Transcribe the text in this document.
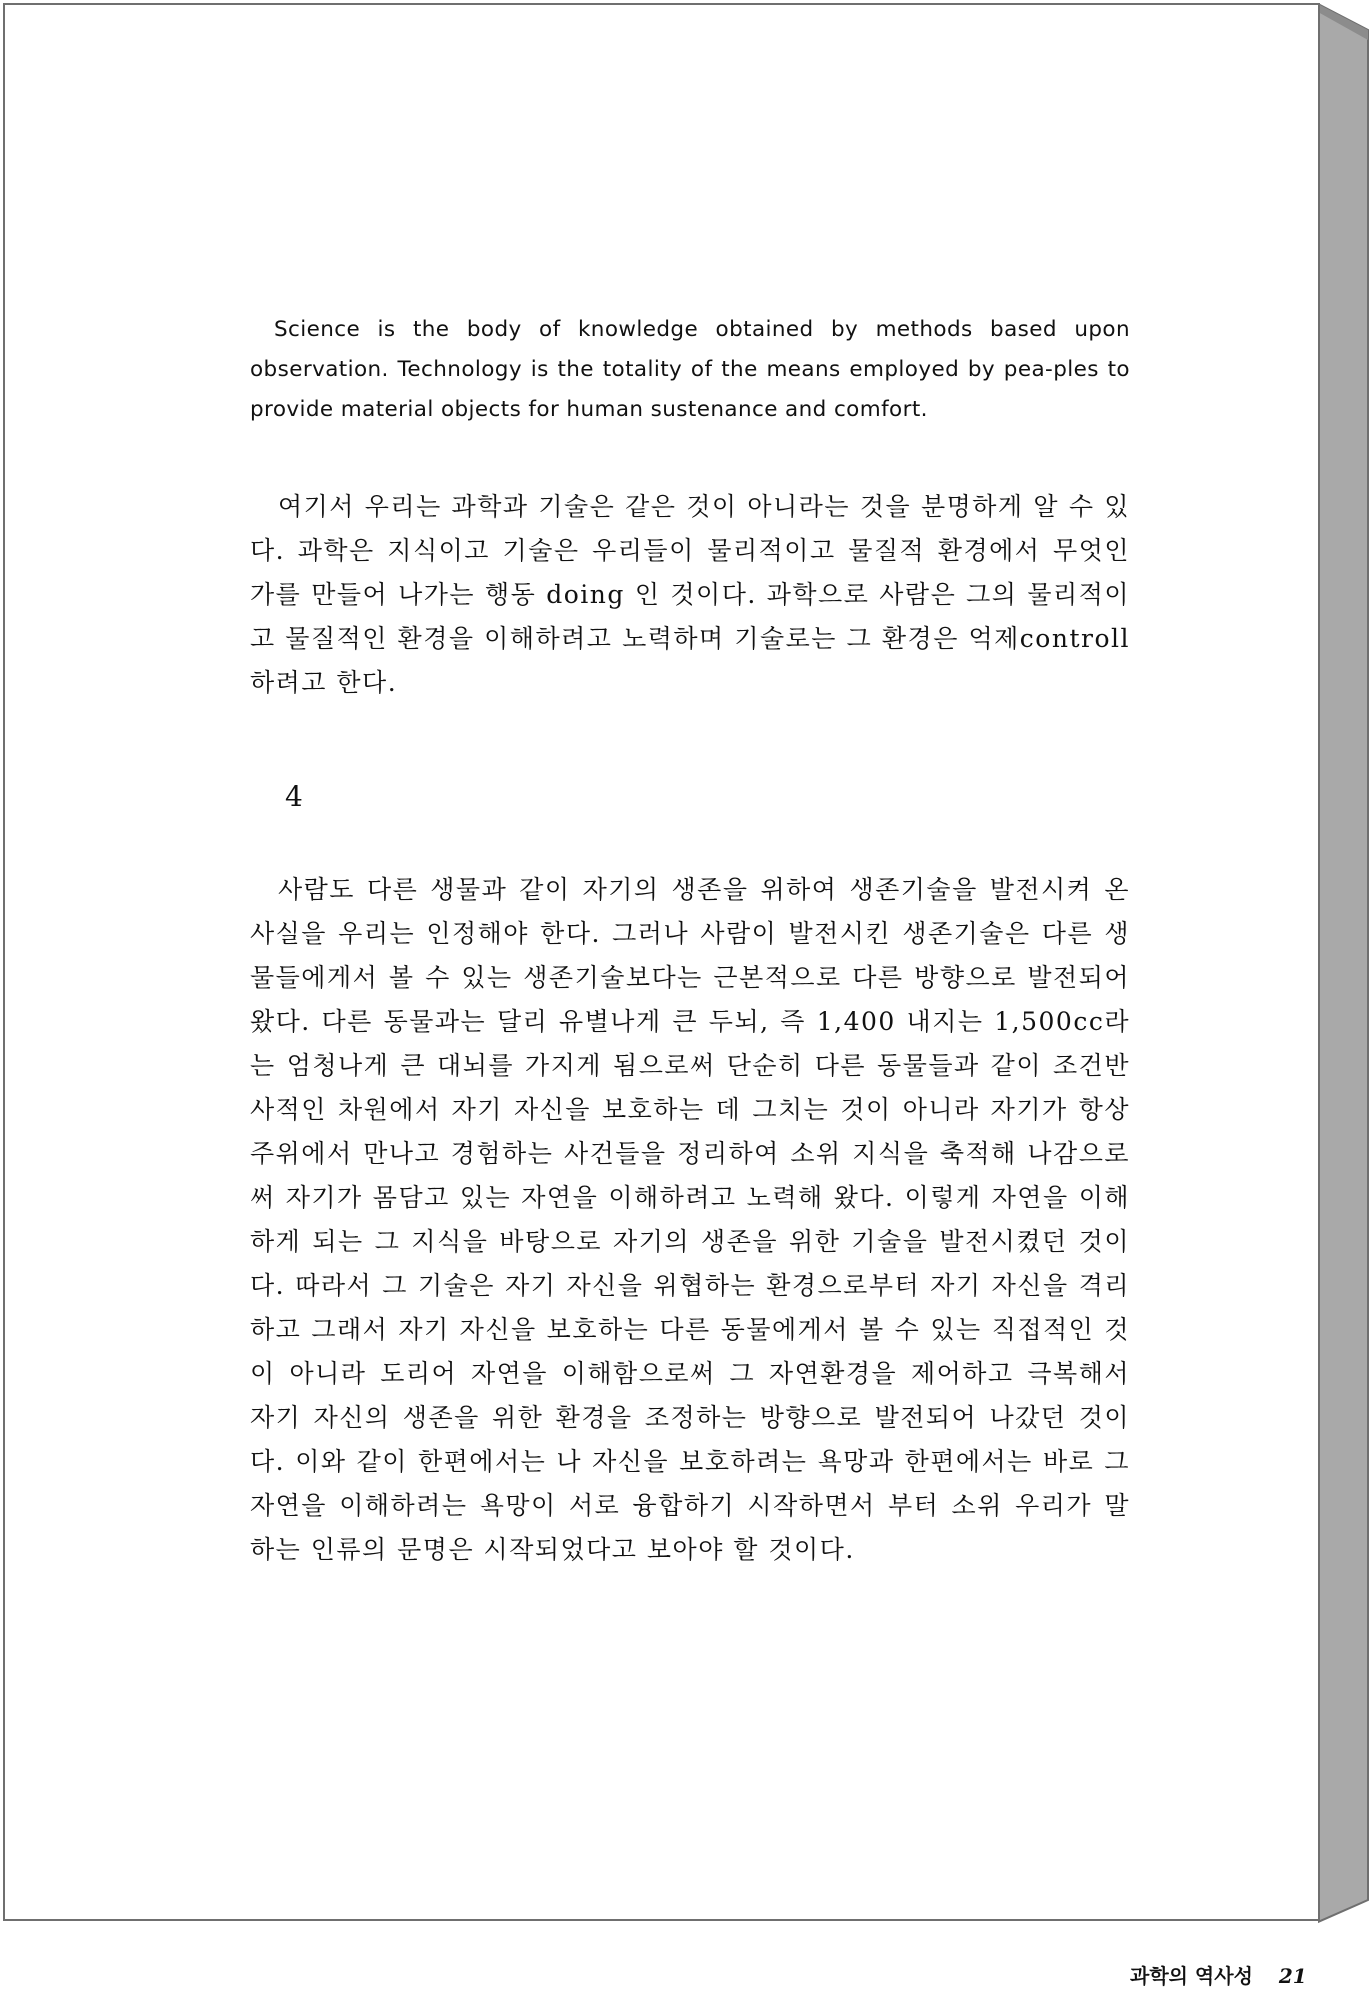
Science is the body of knowledge obtained by methods based upon observation. Technology is the totality of the means employed by pea-ples to provide material objects for human sustenance and comfort.

여기서 우리는 과학과 기술은 같은 것이 아니라는 것을 분명하게 알 수 있다. 과학은 지식이고 기술은 우리들이 물리적이고 물질적 환경에서 무엇인가를 만들어 나가는 행동 doing 인 것이다. 과학으로 사람은 그의 물리적이고 물질적인 환경을 이해하려고 노력하며 기술로는 그 환경은 억제controll하려고 한다.

4

사람도 다른 생물과 같이 자기의 생존을 위하여 생존기술을 발전시켜 온 사실을 우리는 인정해야 한다. 그러나 사람이 발전시킨 생존기술은 다른 생물들에게서 볼 수 있는 생존기술보다는 근본적으로 다른 방향으로 발전되어 왔다. 다른 동물과는 달리 유별나게 큰 두뇌, 즉 1,400 내지는 1,500cc라는 엄청나게 큰 대뇌를 가지게 됨으로써 단순히 다른 동물들과 같이 조건반사적인 차원에서 자기 자신을 보호하는 데 그치는 것이 아니라 자기가 항상 주위에서 만나고 경험하는 사건들을 정리하여 소위 지식을 축적해 나감으로써 자기가 몸담고 있는 자연을 이해하려고 노력해 왔다. 이렇게 자연을 이해하게 되는 그 지식을 바탕으로 자기의 생존을 위한 기술을 발전시켰던 것이다. 따라서 그 기술은 자기 자신을 위협하는 환경으로부터 자기 자신을 격리하고 그래서 자기 자신을 보호하는 다른 동물에게서 볼 수 있는 직접적인 것이 아니라 도리어 자연을 이해함으로써 그 자연환경을 제어하고 극복해서 자기 자신의 생존을 위한 환경을 조정하는 방향으로 발전되어 나갔던 것이다. 이와 같이 한편에서는 나 자신을 보호하려는 욕망과 한편에서는 바로 그 자연을 이해하려는 욕망이 서로 융합하기 시작하면서 부터 소위 우리가 말하는 인류의 문명은 시작되었다고 보아야 할 것이다.

과학의 역사성 21
